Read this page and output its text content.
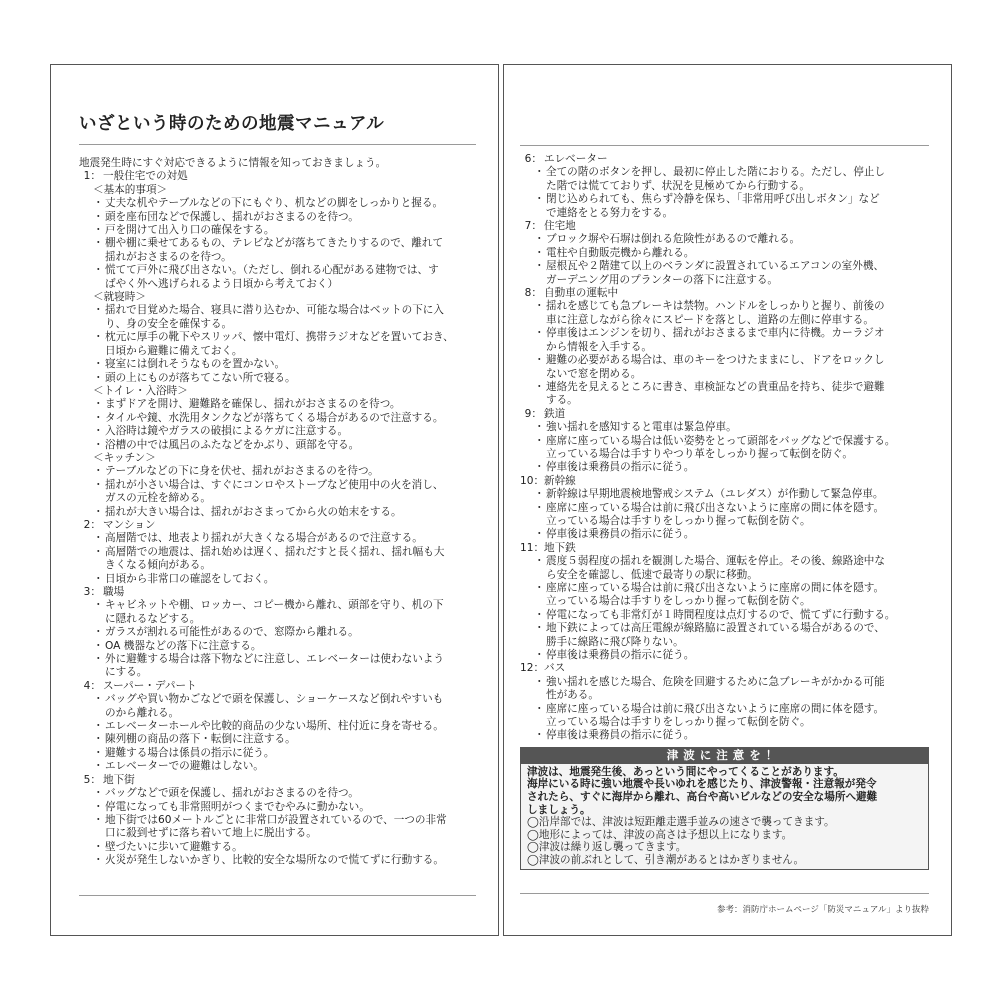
いざという時のための地震マニュアル
地震発生時にすぐ対応できるように情報を知っておきましょう。
1： 一般住宅での対処
＜基本的事項＞
・丈夫な机やテーブルなどの下にもぐり、机などの脚をしっかりと握る。
・頭を座布団などで保護し、揺れがおさまるのを待つ。
・戸を開けて出入り口の確保をする。
・棚や棚に乗せてあるもの、テレビなどが落ちてきたりするので、離れて
揺れがおさまるのを待つ。
・慌てて戸外に飛び出さない。（ただし、倒れる心配がある建物では、す
ばやく外へ逃げられるよう日頃から考えておく）
＜就寝時＞
・揺れで目覚めた場合、寝具に潜り込むか、可能な場合はベットの下に入
り、身の安全を確保する。
・枕元に厚手の靴下やスリッパ、懐中電灯、携帯ラジオなどを置いておき、
日頃から避難に備えておく。
・寝室には倒れそうなものを置かない。
・頭の上にものが落ちてこない所で寝る。
＜トイレ・入浴時＞
・まずドアを開け、避難路を確保し、揺れがおさまるのを待つ。
・タイルや鏡、水洗用タンクなどが落ちてくる場合があるので注意する。
・入浴時は鏡やガラスの破損によるケガに注意する。
・浴槽の中では風呂のふたなどをかぶり、頭部を守る。
＜キッチン＞
・テーブルなどの下に身を伏せ、揺れがおさまるのを待つ。
・揺れが小さい場合は、すぐにコンロやストーブなど使用中の火を消し、
ガスの元栓を締める。
・揺れが大きい場合は、揺れがおさまってから火の始末をする。
2： マンション
・高層階では、地表より揺れが大きくなる場合があるので注意する。
・高層階での地震は、揺れ始めは遅く、揺れだすと長く揺れ、揺れ幅も大
きくなる傾向がある。
・日頃から非常口の確認をしておく。
3： 職場
・キャビネットや棚、ロッカー、コピー機から離れ、頭部を守り、机の下
に隠れるなどする。
・ガラスが割れる可能性があるので、窓際から離れる。
・OA 機器などの落下に注意する。
・外に避難する場合は落下物などに注意し、エレベーターは使わないよう
にする。
4： スーパー・デパート
・バッグや買い物かごなどで頭を保護し、ショーケースなど倒れやすいも
のから離れる。
・エレベーターホールや比較的商品の少ない場所、柱付近に身を寄せる。
・陳列棚の商品の落下・転倒に注意する。
・避難する場合は係員の指示に従う。
・エレベーターでの避難はしない。
5： 地下街
・バッグなどで頭を保護し、揺れがおさまるのを待つ。
・停電になっても非常照明がつくまでむやみに動かない。
・地下街では60メートルごとに非常口が設置されているので、一つの非常
口に殺到せずに落ち着いて地上に脱出する。
・壁づたいに歩いて避難する。
・火災が発生しないかぎり、比較的安全な場所なので慌てずに行動する。
6： エレベーター
・全ての階のボタンを押し、最初に停止した階におりる。ただし、停止し
た階では慌てておりず、状況を見極めてから行動する。
・閉じ込められても、焦らず冷静を保ち、「非常用呼び出しボタン」など
で連絡をとる努力をする。
7： 住宅地
・ブロック塀や石塀は倒れる危険性があるので離れる。
・電柱や自動販売機から離れる。
・屋根瓦や２階建て以上のベランダに設置されているエアコンの室外機、
ガーデニング用のプランターの落下に注意する。
8： 自動車の運転中
・揺れを感じても急ブレーキは禁物。ハンドルをしっかりと握り、前後の
車に注意しながら徐々にスピードを落とし、道路の左側に停車する。
・停車後はエンジンを切り、揺れがおさまるまで車内に待機。カーラジオ
から情報を入手する。
・避難の必要がある場合は、車のキーをつけたままにし、ドアをロックし
ないで窓を閉める。
・連絡先を見えるところに書き、車検証などの貴重品を持ち、徒歩で避難
する。
9： 鉄道
・強い揺れを感知すると電車は緊急停車。
・座席に座っている場合は低い姿勢をとって頭部をバッグなどで保護する。
立っている場合は手すりやつり革をしっかり握って転倒を防ぐ。
・停車後は乗務員の指示に従う。
10：新幹線
・新幹線は早期地震検地警戒システム（ユレダス）が作動して緊急停車。
・座席に座っている場合は前に飛び出さないように座席の間に体を隠す。
立っている場合は手すりをしっかり握って転倒を防ぐ。
・停車後は乗務員の指示に従う。
11：地下鉄
・震度５弱程度の揺れを観測した場合、運転を停止。その後、線路途中な
ら安全を確認し、低速で最寄りの駅に移動。
・座席に座っている場合は前に飛び出さないように座席の間に体を隠す。
立っている場合は手すりをしっかり握って転倒を防ぐ。
・停電になっても非常灯が１時間程度は点灯するので、慌てずに行動する。
・地下鉄によっては高圧電線が線路脇に設置されている場合があるので、
勝手に線路に飛び降りない。
・停車後は乗務員の指示に従う。
12：バス
・強い揺れを感じた場合、危険を回避するために急ブレーキがかかる可能
性がある。
・座席に座っている場合は前に飛び出さないように座席の間に体を隠す。
立っている場合は手すりをしっかり握って転倒を防ぐ。
・停車後は乗務員の指示に従う。
津波に注意を！
津波は、地震発生後、あっという間にやってくることがあります。
海岸にいる時に強い地震や長いゆれを感じたり、津波警報・注意報が発令
されたら、すぐに海岸から離れ、高台や高いビルなどの安全な場所へ避難
しましょう。
◯沿岸部では、津波は短距離走選手並みの速さで襲ってきます。
◯地形によっては、津波の高さは予想以上になります。
◯津波は繰り返し襲ってきます。
◯津波の前ぶれとして、引き潮があるとはかぎりません。
参考：消防庁ホームページ「防災マニュアル」より抜粋
